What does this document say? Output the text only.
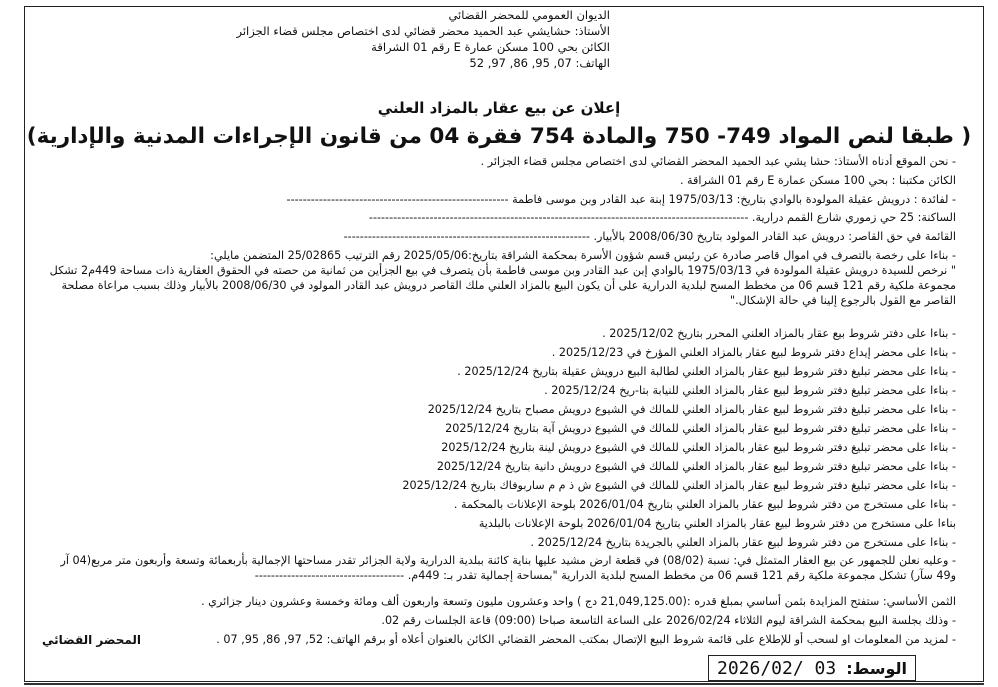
الديوان العمومي للمحضر القضائي
الأستاذ: حشايشي عبد الحميد محضر قضائي لدى اختصاص مجلس قضاء الجزائر
الكائن بحي 100 مسكن عمارة E رقم 01 الشراقة
الهاتف: 07, 95, 86, 97, 52
إعلان عن بيع عقار بالمزاد العلني
( طبقا لنص المواد 749- 750 والمادة 754 فقرة 04 من قانون الإجراءات المدنية والإدارية)
- نحن الموقع أدناه الأستاذ: حشا يشي عبد الحميد المحضر القضائي لدى اختصاص مجلس قضاء الجزائر .
الكائن مكتبنا : بحي 100 مسكن عمارة E رقم 01 الشراقة .
- لفائدة : درويش عقيلة المولودة بالوادي بتاريخ: 1975/03/13 إبنة عبد القادر وبن موسى فاطمة -------------------------------------------------------
الساكنة: 25 حي زموري شارع القمم درارية. ----------------------------------------------------------------------------------------------
القائمة في حق القاصر: درويش عبد القادر المولود بتاريخ 2008/06/30 بالأبيار. -------------------------------------------------------------
- بناءا على رخصة بالتصرف في اموال قاصر صادرة عن رئيس قسم شؤون الأسرة بمحكمة الشراقة بتاريخ:2025/05/06 رقم الترتيب 25/02865 المتضمن مايلي:
" نرخص للسيدة درويش عقيلة المولودة في 1975/03/13 بالوادي إبن عبد القادر وبن موسى فاطمة بأن يتصرف في بيع الجزأين من ثمانية من حصته في الحقوق العقارية ذات مساحة 449م2 تشكل مجموعة ملكية رقم 121 قسم 06 من مخطط المسح لبلدية الدرارية على أن يكون البيع بالمزاد العلني ملك القاصر درويش عبد القادر المولود في 2008/06/30 بالأبيار وذلك بسبب مراعاة مصلحة القاصر مع القول بالرجوع إلينا في حالة الإشكال."
- بناءا على دفتر شروط بيع عقار بالمزاد العلني المحرر بتاريخ 2025/12/02 .
- بناءا على محضر إيداع دفتر شروط لبيع عقار بالمزاد العلني المؤرخ في 2025/12/23 .
- بناءا على محضر تبليغ دفتر شروط لبيع عقار بالمزاد العلني لطالبة البيع درويش عقيلة بتاريخ 2025/12/24 .
- بناءا على محضر تبليغ دفتر شروط لبيع عقار بالمزاد العلني للنيابة بتا-ريخ 2025/12/24 .
- بناءا على محضر تبليغ دفتر شروط لبيع عقار بالمزاد العلني للمالك في الشيوع درويش مصباح بتاريخ 2025/12/24
- بناءا على محضر تبليغ دفتر شروط لبيع عقار بالمزاد العلني للمالك في الشيوع درويش آية بتاريخ 2025/12/24
- بناءا على محضر تبليغ دفتر شروط لبيع عقار بالمزاد العلني للمالك في الشيوع درويش لينة بتاريخ 2025/12/24
- بناءا على محضر تبليغ دفتر شروط لبيع عقار بالمزاد العلني للمالك في الشيوع درويش دانية بتاريخ 2025/12/24
- بناءا على محضر تبليغ دفتر شروط لبيع عقار بالمزاد العلني للمالك في الشيوع ش ذ م م ساربوفاك بتاريخ 2025/12/24
- بناءا على مستخرج من دفتر شروط لبيع عقار بالمزاد العلني بتاريخ 2026/01/04 بلوحة الإعلانات بالمحكمة .
بناءا على مستخرج من دفتر شروط لبيع عقار بالمزاد العلني بتاريخ 2026/01/04 بلوحة الإعلانات بالبلدية
- بناءا على مستخرج من دفتر شروط لبيع عقار بالمزاد العلني بالجريدة بتاريخ 2025/12/24 .
- وعليه نعلن للجمهور عن بيع العقار المتمثل في: نسبة (08/02) في قطعة ارض مشيد عليها بناية كائنة ببلدية الدرارية ولاية الجزائر تقدر مساحتها الإجمالية بأربعمائة وتسعة وأربعون متر مربع(04 آر و49 سآر) تشكل مجموعة ملكية رقم 121 قسم 06 من مخطط المسح لبلدية الدرارية "بمساحة إجمالية تقدر بـ: 449م. -------------------------------------
الثمن الأساسي: ستفتح المزايدة بثمن أساسي بمبلغ قدره :(21,049,125.00 دج ) واحد وعشرون مليون وتسعة واربعون ألف ومائة وخمسة وعشرون دينار جزائري .
- وذلك بجلسة البيع بمحكمة الشراقة ليوم الثلاثاء 2026/02/24 على الساعة التاسعة صباحا (09:00) قاعة الجلسات رقم 02.
- لمزيد من المعلومات او لسحب أو للإطلاع على قائمة شروط البيع الإتصال بمكتب المحضر القضائي الكائن بالعنوان أعلاه أو برقم الهاتف: 52, 97, 86, 95, 07 .
المحضر القضائي
الوسط:
2026/02/ 03
